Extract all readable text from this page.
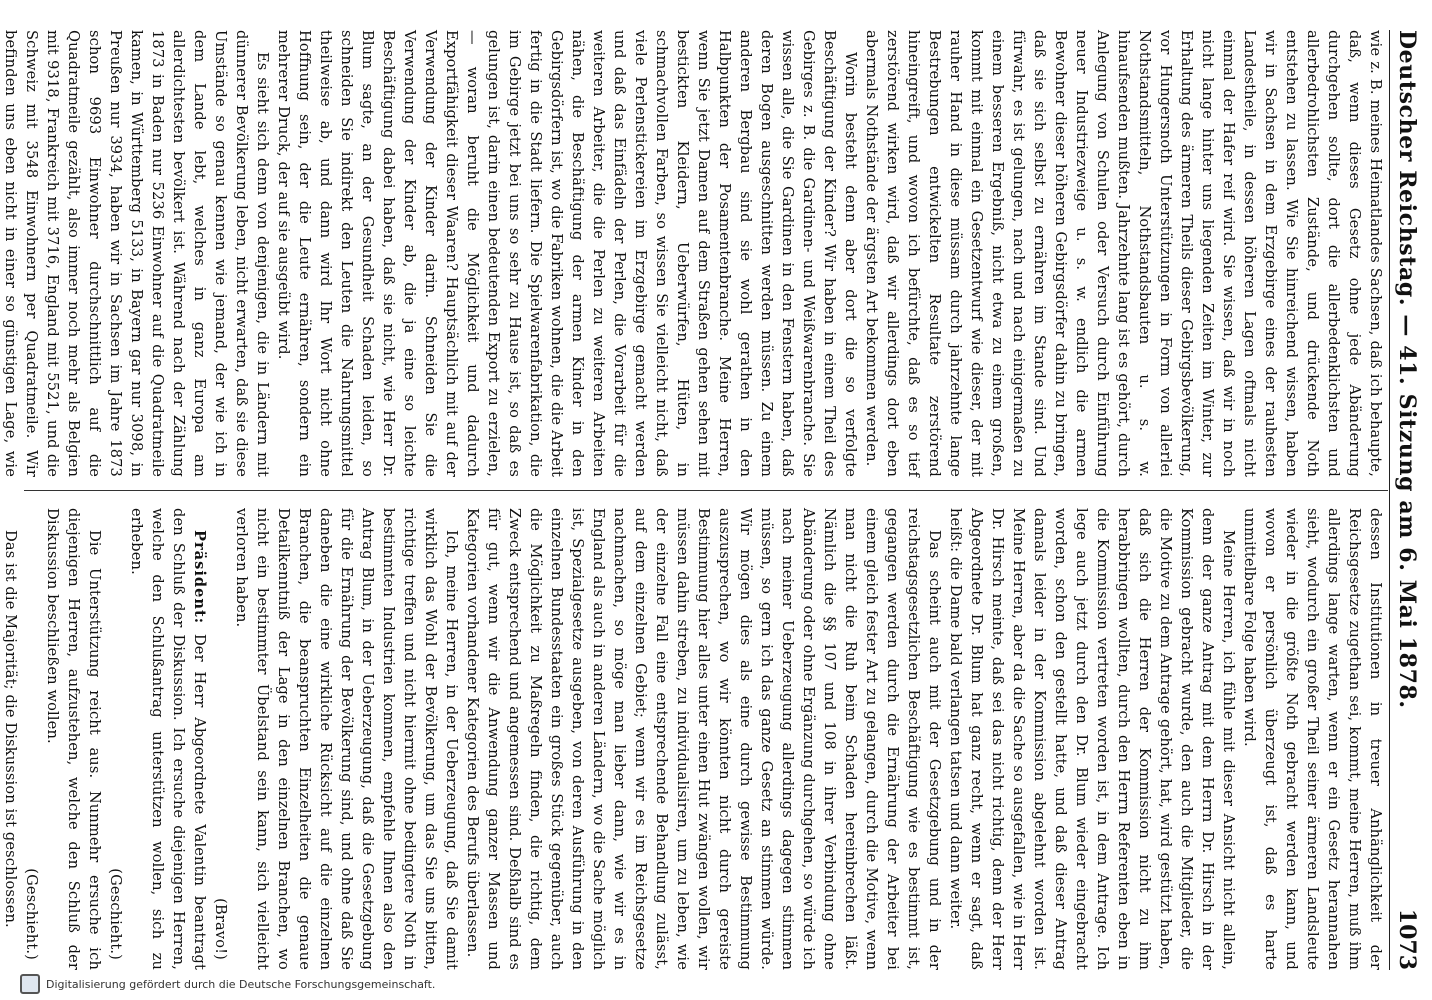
Deutscher Reichstag. — 41. Sitzung am 6. Mai 1878.
1073

wie z. B. meines Heimatlandes Sachsen, daß ich behaupte, daß, wenn dieses Gesetz ohne jede Abänderung durchgehen sollte, dort die allerbedenklichsten und allerbedrohlichsten Zustände, und drückende Noth entstehen zu lassen. Wie Sie hinreichend wissen, haben wir in Sachsen in dem Erzgebirge eines der rauhesten Landestheile, in dessen höheren Lagen oftmals nicht einmal der Hafer reif wird. Sie wissen, daß wir in noch nicht lange hinter uns liegenden Zeiten im Winter, zur Erhaltung des ärmeren Theils dieser Gebirgsbevölkerung, vor Hungersnoth Unterstützungen in Form von allerlei Nothstandsmitteln, Nothstandsbauten u. s. w. hinaufsenden mußten. Jahrzehnte lang ist es gehört, durch Anlegung von Schulen oder Versuch durch Einführung neuer Industriezweige u. s. w. endlich die armen Bewohner dieser höheren Gebirgsdörfer dahin zu bringen, daß sie sich selbst zu ernähren im Stande sind. Und fürwahr, es ist gelungen, nach und nach einigermaßen zu einem besseren Ergebniß, nicht etwa zu einem großen, kommt mit einmal ein Gesetzentwurf wie dieser, der mit rauher Hand in diese müssam durch jahrzehnte lange Bestrebungen entwickelten Resultate zerstörend hineingreift, und wovon ich befürchte, daß es so tief zerstörend wirken wird, daß wir allerdings dort eben abermals Nothstände der ärgsten Art bekommen werden.

Worin besteht denn aber dort die so verfolgte Beschäftigung der Kinder? Wir haben in einem Theil des Gebirges z. B. die Gardinen- und Weißwarenbranche. Sie wissen alle, die Sie Gardinen in den Fenstern haben, daß deren Bogen ausgeschnitten werden müssen. Zu einem anderen Bergbau sind sie wohl gerathen in den Halbpunkten der Posamentenbranche. Meine Herren, wenn Sie jetzt Damen auf dem Straßen gehen sehen mit bestickten Kleidern, Ueberwürfen, Hüten, in schmachvollen Farben, so wissen Sie vielleicht nicht, daß viele Perlenstickereien im Erzgebirge gemacht werden und daß das Einfädeln der Perlen, die Vorarbeit für die weiteren Arbeiter, die die Perlen zu weiteren Arbeiten nähen, die Beschäftigung der armen Kinder in den Gebirgsdörfern ist, wo die Fabriken wohnen, die die Arbeit fertig in die Stadt liefern. Die Spielwarenfabrikation, die im Gebirge jetzt bei uns so sehr zu Hause ist, so daß es gelungen ist, darin einen bedeutenden Export zu erzielen, — woran beruht die Möglichkeit und dadurch Exportfähigkeit dieser Waaren? Hauptsächlich mit auf der Verwendung der Kinder darin. Schneiden Sie die Verwendung der Kinder ab, die ja eine so leichte Beschäftigung dabei haben, daß sie nicht, wie Herr Dr. Blum sagte, an der Gesundheit Schaden leiden, so schneiden Sie indirekt den Leuten die Nahrungsmittel theilweise ab, und dann wird Ihr Wort nicht ohne Hoffnung sein, der die Leute ernähren, sondern ein mehrerer Druck, der auf sie ausgeübt wird.

Es sieht sich denn von denjenigen, die in Ländern mit dünnerer Bevölkerung leben, nicht erwarten, daß sie diese Umstände so genau kennen wie jemand, der wie ich in dem Lande lebt, welches in ganz Europa am allerdichtesten bevölkert ist. Während nach der Zählung 1873 in Baden nur 5236 Einwohner auf die Quadratmeile kamen, in Württemberg 5133, in Bayern gar nur 3098, in Preußen nur 3934, haben wir in Sachsen im Jahre 1873 schon 9693 Einwohner durchschnittlich auf die Quadratmeile gezählt, also immer noch mehr als Belgien mit 9318, Frankreich mit 3716, England mit 5521, und die Schweiz mit 3548 Einwohnern per Quadratmeile. Wir befinden uns eben nicht in einer so günstigen Lage, wie

dessen Institutionen in treuer Anhänglichkeit der Reichsgesetze zugethan sei, kommt, meine Herren, muß ihm allerdings lange warten, wenn er ein Gesetz herannahen sieht, wodurch ein großer Theil seiner ärmeren Landsleute wieder in die größte Noth gebracht werden kann, und wovon er persönlich überzeugt ist, daß es harte unmittelbare Folge haben wird.

Meine Herren, ich fühle mit dieser Ansicht nicht allein, denn der ganze Antrag mit dem Herrn Dr. Hirsch in der Kommission gebracht wurde, den auch die Mitglieder, die die Motive zu dem Antrage gehört, hat, wird gestützt haben, daß sich die Herren der Kommission nicht zu ihm herabbringen wollten, durch den Herrn Referenten eben in die Kommission vertreten worden ist, in dem Antrage. Ich lege auch jetzt durch den Dr. Blum wieder eingebracht worden, schon den gestellt hatte, und daß dieser Antrag damals leider in der Kommission abgelehnt worden ist. Meine Herren, aber da die Sache so ausgefallen, wie in Herr Dr. Hirsch meinte, daß sei das nicht richtig, denn der Herr Abgeordnete Dr. Blum hat ganz recht, wenn er sagt, daß heißt: die Dame bald verlangen tatsen und dann weiter.

Das scheint auch mit der Gesetzgebung und in der reichstagsgesetzlichen Beschäftigung wie es bestimmt ist, gegangen werden durch die Ernährung der Arbeiter bei einem gleich fester Art zu gelangen, durch die Motive, wenn man nicht die Ruh beim Schaden hereinbrechen läßt. Nämlich die §§ 107 und 108 in ihrer Verbindung ohne Abänderung oder ohne Ergänzung durchgehen, so würde ich nach meiner Ueberzeugung allerdings dagegen stimmen müssen, so gern ich das ganze Gesetz an stimmen würde. Wir mögen dies als eine durch gewisse Bestimmung auszusprechen, wo wir könnten nicht durch gereiste Bestimmung hier alles unter einen Hut zwängen wollen, wir müssen dahin streben, zu individualisiren, um zu leben, wie der einzelne Fall eine entsprechende Behandlung zulässt, auf dem einzelnen Gebiet; wenn wir es im Reichsgesetze nachmachen, so möge man lieber dann, wie wir es in England als auch in anderen Ländern, wo die Sache möglich ist, Spezialgesetze ausgeben, von deren Ausführung in den einzelnen Bundesstaaten ein großes Stück gegenüber, auch die Möglichkeit zu Maßregeln finden, die richtig, dem Zweck entsprechend und angemessen sind. Deßhalb sind es für gut, wenn wir die Anwendung ganzer Massen und Kategorien vorhandener Kategorien des Berufs überlassen.

Ich, meine Herren, in der Ueberzeugung, daß Sie damit wirklich das Wohl der Bevölkerung, um das Sie uns bitten, richtige treffen und nicht hiermit ohne bedingtere Noth in bestimmten Industrien kommen, empfehle Ihnen also den Antrag Blum, in der Ueberzeugung, daß die Gesetzgebung für die Ernährung der Bevölkerung sind, und ohne daß Sie daneben die eine wirkliche Rücksicht auf die einzelnen Branchen, die beanspruchten Einzelheiten die genaue Detailkenntniß der Lage in den einzelnen Branchen, wo nicht ein bestimmter Übelstand sein kann, sich vielleicht verloren haben.

(Bravo!)

Präsident: Der Herr Abgeordnete Valentin beantragt den Schluß der Diskussion. Ich ersuche diejenigen Herren, welche den Schlußantrag unterstützen wollen, sich zu erheben.

(Geschieht.)

Die Unterstützung reicht aus. Nunmehr ersuche ich diejenigen Herren, aufzustehen, welche den Schluß der Diskussion beschließen wollen.

(Geschieht.)

Das ist die Majorität; die Diskussion ist geschlossen.

Digitalisierung gefördert durch die Deutsche Forschungsgemeinschaft.
